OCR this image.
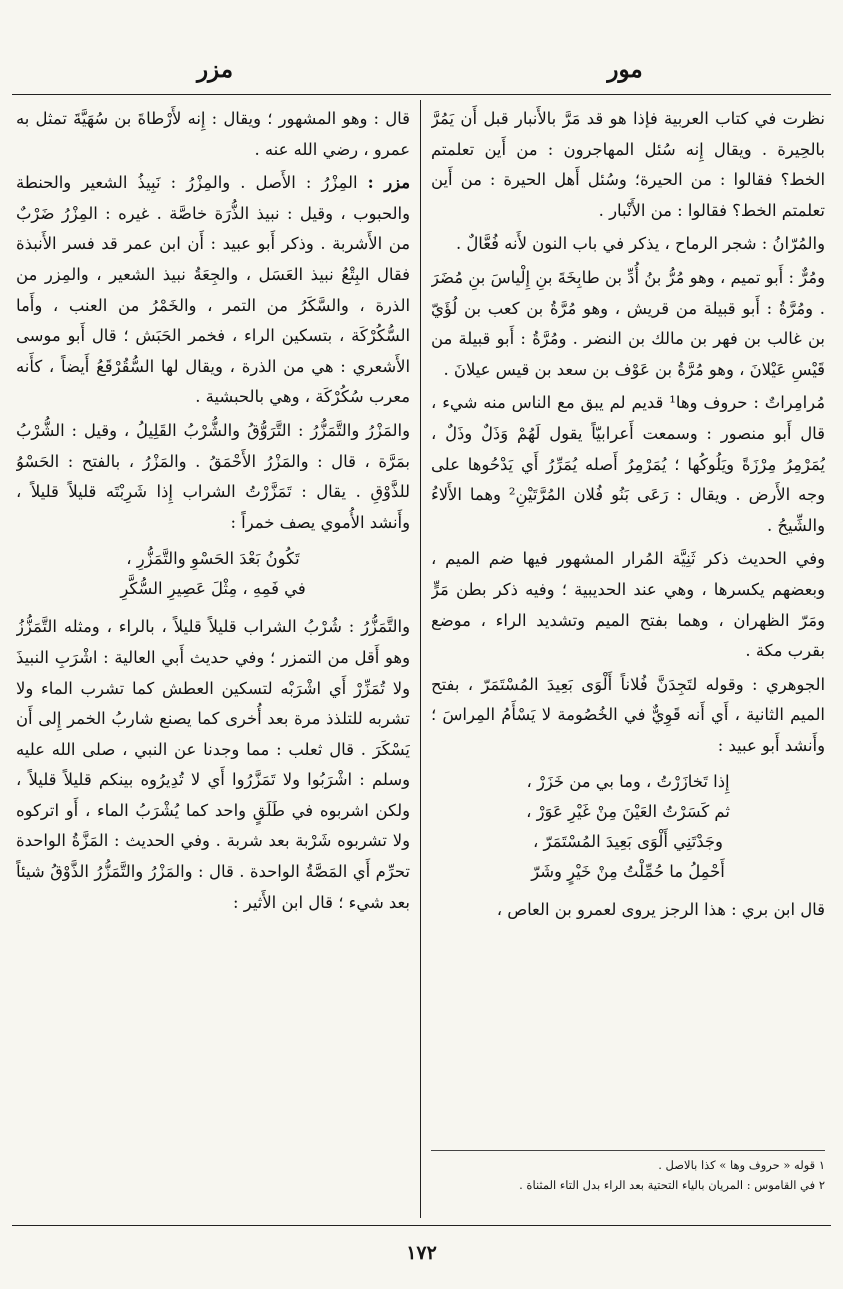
مور
مزر

نظرت في كتاب العربية فإذا هو قد مَرَّ بالأَنبار قبل أَن يَمُرَّ بالحِيرة . ويقال إِنه سُئل المهاجرون : من أَين تعلمتم الخط؟ فقالوا : من الحيرة؛ وسُئل أَهل الحيرة : من أَين تعلمتم الخط؟ فقالوا : من الأَنْبار .

والمُرّانُ : شجر الرماح ، يذكر في باب النون لأَنه فُعَّالٌ .

ومُرٌّ : أَبو تميم ، وهو مُرُّ بنُ أُدِّ بن طابِخَةَ بنِ إِلْياسَ بنِ مُضَرَ . ومُرَّةُ : أَبو قبيلة من قريش ، وهو مُرَّةُ بن كعب بن لُؤَيّ بن غالب بن فهر بن مالك بن النضر . ومُرَّةُ : أَبو قبيلة من قَيْسِ عَيْلانَ ، وهو مُرَّةُ بن عَوْف بن سعد بن قيس عيلانَ .

مُرامِراتٌ : حروف وها¹ قديم لم يبق مع الناس منه شيء ، قال أَبو منصور : وسمعت أَعرابيّاً يقول لَهُمْ وَذَلٌ وذَلٌ ، يُمَرْمِرُ مِرْزَةً ويَلُوكُها ؛ يُمَرْمِرُ أَصله يُمَرِّرُ أَي يَدْحُوها على وجه الأَرض . ويقال : رَعَى بَنُو فُلان المُرَّتَيْنِ² وهما الأَلاءُ والشِّيحُ .

وفي الحديث ذكر ثَنِيَّة المُرار المشهور فيها ضم الميم ، وبعضهم يكسرها ، وهي عند الحديبية ؛ وفيه ذكر بطن مَرٍّ ومَرّ الظهران ، وهما بفتح الميم وتشديد الراء ، موضع بقرب مكة .

الجوهري : وقوله لتَجِدَنَّ فُلاناً أَلْوَى بَعِيدَ المُسْتَمَرّ ، بفتح الميم الثانية ، أَي أَنه قَوِيٌّ في الخُصُومة لا يَسْأَمُ المِراسَ ؛ وأَنشد أَبو عبيد :

إِذا تَخازَرْتُ ، وما بي من خَزَرْ ،
ثم كَسَرْتُ العَيْنَ مِنْ غَيْرِ عَوَرْ ،
وجَدْتَنِي أَلْوَى بَعِيدَ المُسْتَمَرّ ،
أَحْمِلُ ما حُمِّلْتُ مِنْ خَيْرٍ وشَرّ

قال ابن بري : هذا الرجز يروى لعمرو بن العاص ،

١ قوله « حروف وها » كذا بالاصل .
٢ في القاموس : المريان بالياء التحتية بعد الراء بدل التاء المثناة .

قال : وهو المشهور ؛ ويقال : إِنه لأَرْطاةَ بن سُهَيَّةَ تمثل به عمرو ، رضي الله عنه .

مزر : المِزْرُ : الأَصل . والمِزْرُ : نَبِيذُ الشعير والحنطة والحبوب ، وقيل : نبيذ الذُّرَة خاصَّة . غيره : المِزْرُ ضَرْبٌ من الأَشربة . وذكر أَبو عبيد : أَن ابن عمر قد فسر الأَنبذة فقال البِتْعُ نبيذ العَسَل ، والجِعَةُ نبيذ الشعير ، والمِزر من الذرة ، والسَّكَرُ من التمر ، والخَمْرُ من العنب ، وأَما السُّكُرْكَة ، بتسكين الراء ، فخمر الحَبَش ؛ قال أَبو موسى الأَشعري : هي من الذرة ، ويقال لها السُّقُرْقَعُ أَيضاً ، كأَنه معرب سُكُرْكَة ، وهي بالحبشية .

والمَزْرُ والتَّمَزُّرُ : التَّرَوُّقُ والشُّرْبُ القَلِيلُ ، وقيل : الشُّرْبُ بمَرَّة ، قال : والمَزْرُ الأَحْمَقُ . والمَزْرُ ، بالفتح : الحَسْوُ للذَّوْقِ . يقال : تَمَزَّرْتُ الشراب إِذا شَرِبْتَه قليلاً قليلاً ، وأَنشد الأُموي يصف خمراً :

تَكُونُ بَعْدَ الحَسْوِ والتَّمَزُّرِ ،
في فَمِهِ ، مِثْلَ عَصِيرِ السُّكَّرِ

والتَّمَزُّرُ : شُرْبُ الشراب قليلاً قليلاً ، بالراء ، ومثله التَّمَزُّزُ وهو أَقل من التمزر ؛ وفي حديث أَبي العالية : اشْرَبِ النبيذَ ولا تُمَزِّرْ أَي اشْرَبْه لتسكين العطش كما تشرب الماء ولا تشربه للتلذذ مرة بعد أُخرى كما يصنع شاربُ الخمر إِلى أَن يَسْكَرَ . قال ثعلب : مما وجدنا عن النبي ، صلى الله عليه وسلم : اشْرَبُوا ولا تَمَزَّرُوا أَي لا تُدِيرُوه بينكم قليلاً قليلاً ، ولكن اشربوه في طَلَقٍ واحد كما يُشْرَبُ الماء ، أَو اتركوه ولا تشربوه شَرْبة بعد شربة . وفي الحديث : المَزَّةُ الواحدة تحرِّم أَي المَصَّةُ الواحدة . قال : والمَزْرُ والتَّمَزُّرُ الذَّوْقُ شيئاً بعد شيء ؛ قال ابن الأَثير :

١٧٢
